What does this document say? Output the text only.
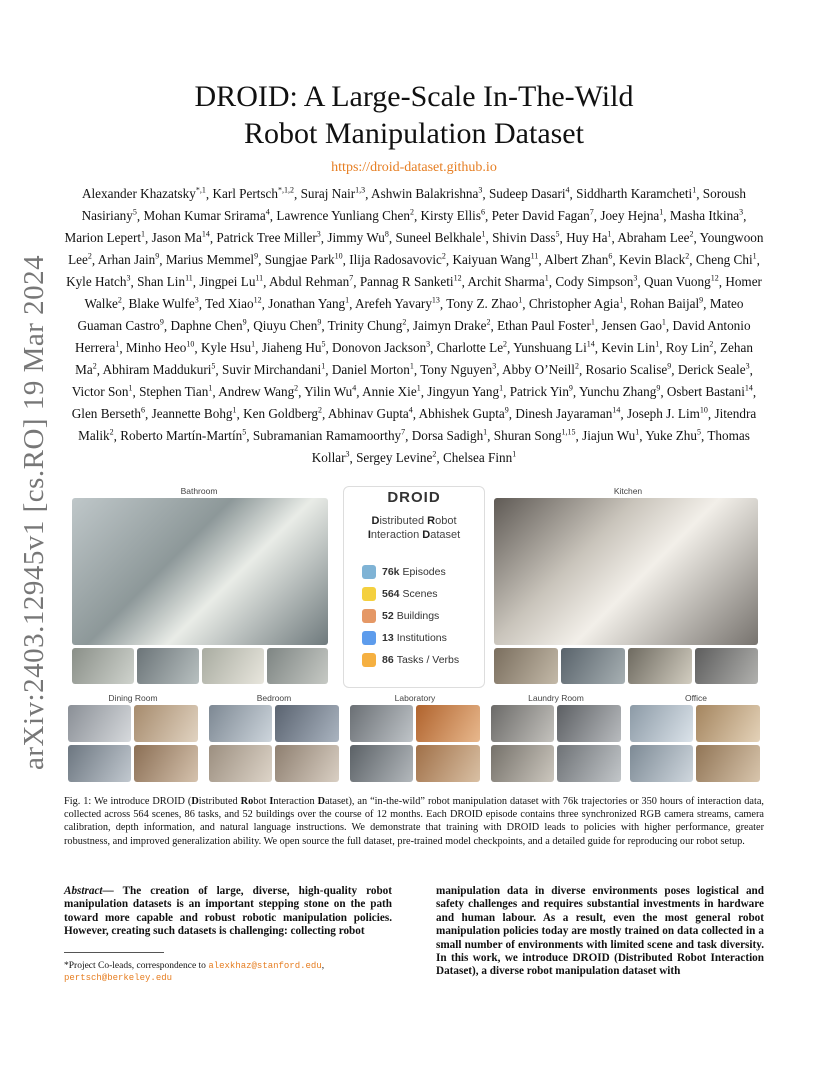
arXiv:2403.12945v1 [cs.RO] 19 Mar 2024
DROID: A Large-Scale In-The-Wild
Robot Manipulation Dataset
https://droid-dataset.github.io
Alexander Khazatsky$^{*,1}$, Karl Pertsch$^{*,1,2}$, Suraj Nair$^{1,3}$, Ashwin Balakrishna$^3$, Sudeep Dasari$^4$, Siddharth Karamcheti$^1$, Soroush Nasiriany$^5$, Mohan Kumar Srirama$^4$, Lawrence Yunliang Chen$^2$, Kirsty Ellis$^6$, Peter David Fagan$^7$, Joey Hejna$^1$, Masha Itkina$^3$, Marion Lepert$^1$, Jason Ma$^{14}$, Patrick Tree Miller$^3$, Jimmy Wu$^8$, Suneel Belkhale$^1$, Shivin Dass$^5$, Huy Ha$^1$, Abraham Lee$^2$, Youngwoon Lee$^2$, Arhan Jain$^9$, Marius Memmel$^9$, Sungjae Park$^{10}$, Ilija Radosavovic$^2$, Kaiyuan Wang$^{11}$, Albert Zhan$^6$, Kevin Black$^2$, Cheng Chi$^1$, Kyle Hatch$^3$, Shan Lin$^{11}$, Jingpei Lu$^{11}$, Abdul Rehman$^7$, Pannag R Sanketi$^{12}$, Archit Sharma$^1$, Cody Simpson$^3$, Quan Vuong$^{12}$, Homer Walke$^2$, Blake Wulfe$^3$, Ted Xiao$^{12}$, Jonathan Yang$^1$, Arefeh Yavary$^{13}$, Tony Z. Zhao$^1$, Christopher Agia$^1$, Rohan Baijal$^9$, Mateo Guaman Castro$^9$, Daphne Chen$^9$, Qiuyu Chen$^9$, Trinity Chung$^2$, Jaimyn Drake$^2$, Ethan Paul Foster$^1$, Jensen Gao$^1$, David Antonio Herrera$^1$, Minho Heo$^{10}$, Kyle Hsu$^1$, Jiaheng Hu$^5$, Donovon Jackson$^3$, Charlotte Le$^2$, Yunshuang Li$^{14}$, Kevin Lin$^1$, Roy Lin$^2$, Zehan Ma$^2$, Abhiram Maddukuri$^5$, Suvir Mirchandani$^1$, Daniel Morton$^1$, Tony Nguyen$^3$, Abby O’Neill$^2$, Rosario Scalise$^9$, Derick Seale$^3$, Victor Son$^1$, Stephen Tian$^1$, Andrew Wang$^2$, Yilin Wu$^4$, Annie Xie$^1$, Jingyun Yang$^1$, Patrick Yin$^9$, Yunchu Zhang$^9$, Osbert Bastani$^{14}$, Glen Berseth$^6$, Jeannette Bohg$^1$, Ken Goldberg$^2$, Abhinav Gupta$^4$, Abhishek Gupta$^9$, Dinesh Jayaraman$^{14}$, Joseph J. Lim$^{10}$, Jitendra Malik$^2$, Roberto Martín-Martín$^5$, Subramanian Ramamoorthy$^7$, Dorsa Sadigh$^1$, Shuran Song$^{1,15}$, Jiajun Wu$^1$, Yuke Zhu$^5$, Thomas Kollar$^3$, Sergey Levine$^2$, Chelsea Finn$^1$
Bathroom	DROID
Distributed Robot
Interaction Dataset
76k Episodes
564 Scenes
52 Buildings
13 Institutions
86 Tasks / Verbs
Kitchen
Dining Room	Bedroom	Laboratory	Laundry Room	Office
Fig. 1: We introduce DROID (Distributed Robot Interaction Dataset), an “in-the-wild” robot manipulation dataset with 76k trajectories or 350 hours of interaction data, collected across 564 scenes, 86 tasks, and 52 buildings over the course of 12 months. Each DROID episode contains three synchronized RGB camera streams, camera calibration, depth information, and natural language instructions. We demonstrate that training with DROID leads to policies with higher performance, greater robustness, and improved generalization ability. We open source the full dataset, pre-trained model checkpoints, and a detailed guide for reproducing our robot setup.
Abstract— The creation of large, diverse, high-quality robot manipulation datasets is an important stepping stone on the path toward more capable and robust robotic manipulation policies. However, creating such datasets is challenging: collecting robot
*Project Co-leads, correspondence to alexkhaz@stanford.edu,
pertsch@berkeley.edu
manipulation data in diverse environments poses logistical and safety challenges and requires substantial investments in hardware and human labour. As a result, even the most general robot manipulation policies today are mostly trained on data collected in a small number of environments with limited scene and task diversity. In this work, we introduce DROID (Distributed Robot Interaction Dataset), a diverse robot manipulation dataset with
